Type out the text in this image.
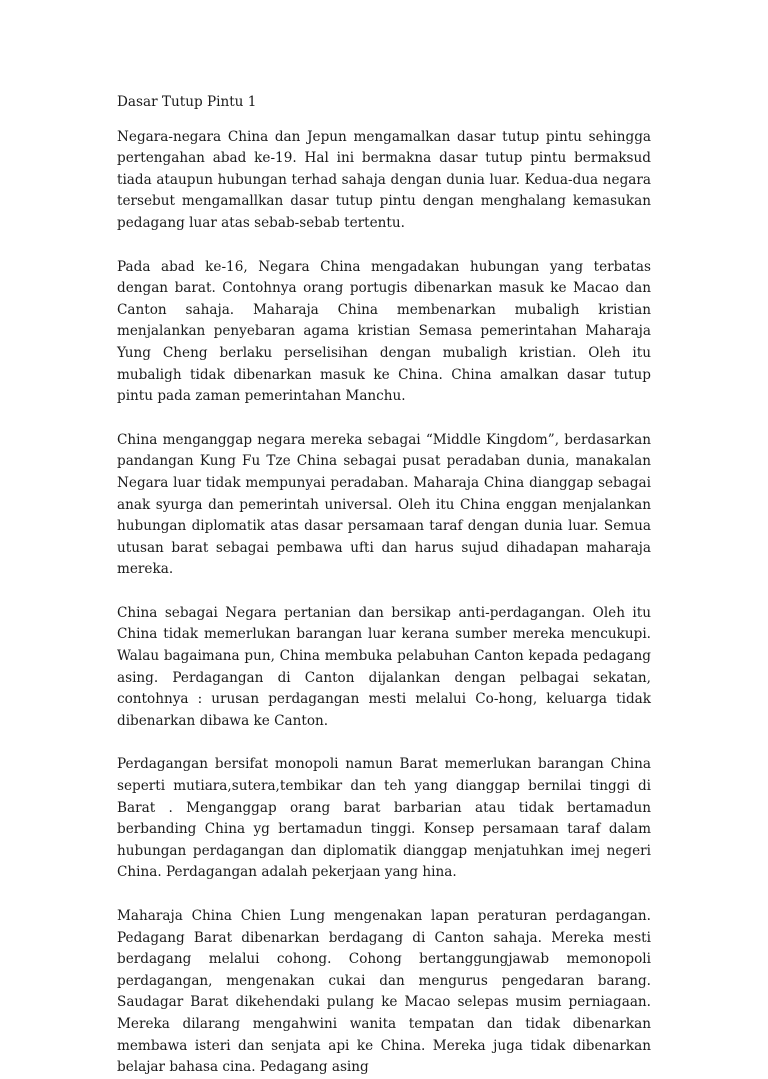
Dasar Tutup Pintu 1

Negara-negara China dan Jepun mengamalkan dasar tutup pintu sehingga pertengahan abad ke-19. Hal ini bermakna dasar tutup pintu bermaksud tiada ataupun hubungan terhad sahaja dengan dunia luar. Kedua-dua negara tersebut mengamallkan dasar tutup pintu dengan menghalang kemasukan pedagang luar atas sebab-sebab tertentu.

Pada abad ke-16, Negara China mengadakan hubungan yang terbatas dengan barat. Contohnya orang portugis dibenarkan masuk ke Macao dan Canton sahaja. Maharaja China membenarkan mubaligh kristian menjalankan penyebaran agama kristian Semasa pemerintahan Maharaja Yung Cheng berlaku perselisihan dengan mubaligh kristian. Oleh itu mubaligh tidak dibenarkan masuk ke China. China amalkan dasar tutup pintu pada zaman pemerintahan Manchu.

China menganggap negara mereka sebagai “Middle Kingdom”, berdasarkan pandangan Kung Fu Tze China sebagai pusat peradaban dunia, manakalan Negara luar tidak mempunyai peradaban. Maharaja China dianggap sebagai anak syurga dan pemerintah universal. Oleh itu China enggan menjalankan hubungan diplomatik atas dasar persamaan taraf dengan dunia luar. Semua utusan barat sebagai pembawa ufti dan harus sujud dihadapan maharaja mereka.

China sebagai Negara pertanian dan bersikap anti-perdagangan. Oleh itu China tidak memerlukan barangan luar kerana sumber mereka mencukupi. Walau bagaimana pun, China membuka pelabuhan Canton kepada pedagang asing. Perdagangan di Canton dijalankan dengan pelbagai sekatan, contohnya : urusan perdagangan mesti melalui Co-hong, keluarga tidak dibenarkan dibawa ke Canton.

Perdagangan bersifat monopoli namun Barat memerlukan barangan China seperti mutiara,sutera,tembikar dan teh yang dianggap bernilai tinggi di Barat . Menganggap orang barat barbarian atau tidak bertamadun berbanding China yg bertamadun tinggi. Konsep persamaan taraf dalam hubungan perdagangan dan diplomatik dianggap menjatuhkan imej negeri China. Perdagangan adalah pekerjaan yang hina.

Maharaja China Chien Lung mengenakan lapan peraturan perdagangan. Pedagang Barat dibenarkan berdagang di Canton sahaja. Mereka mesti berdagang melalui cohong. Cohong bertanggungjawab memonopoli perdagangan, mengenakan cukai dan mengurus pengedaran barang. Saudagar Barat dikehendaki pulang ke Macao selepas musim perniagaan. Mereka dilarang mengahwini wanita tempatan dan tidak dibenarkan membawa isteri dan senjata api ke China. Mereka juga tidak dibenarkan belajar bahasa cina. Pedagang asing
